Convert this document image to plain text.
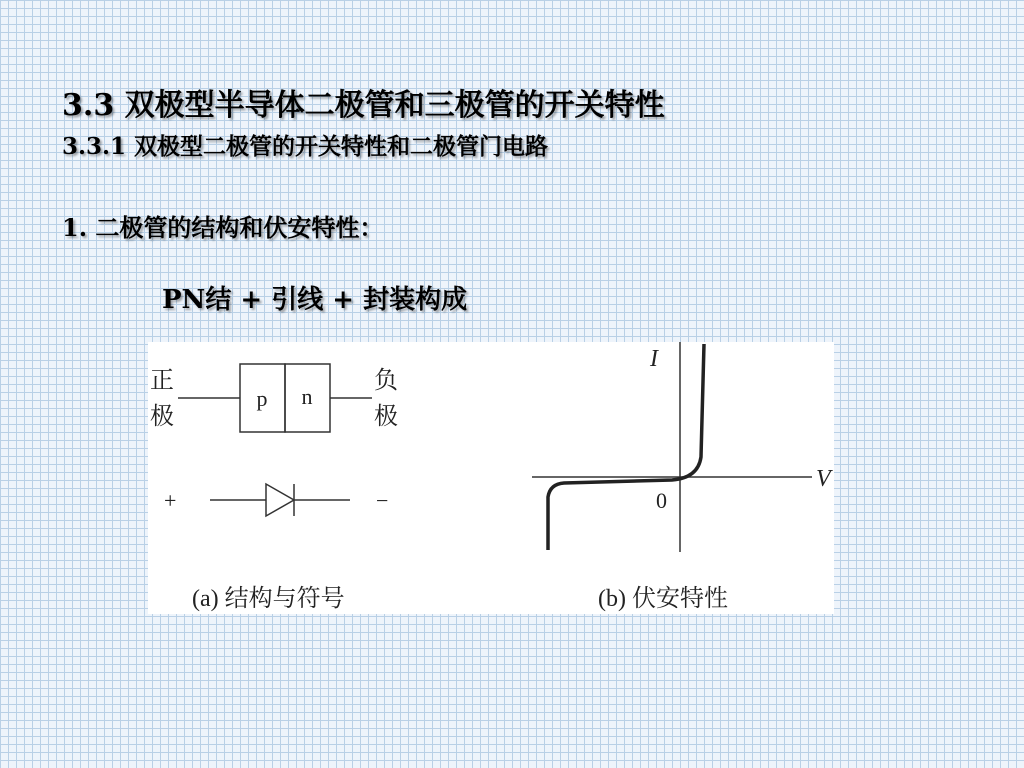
3.3 双极型半导体二极管和三极管的开关特性
3.3.1 双极型二极管的开关特性和二极管门电路

1. 二极管的结构和伏安特性：

PN结 + 引线 + 封装构成

正
极
p n
负
极
+	−
(a) 结构与符号
I
V
0
(b) 伏安特性
